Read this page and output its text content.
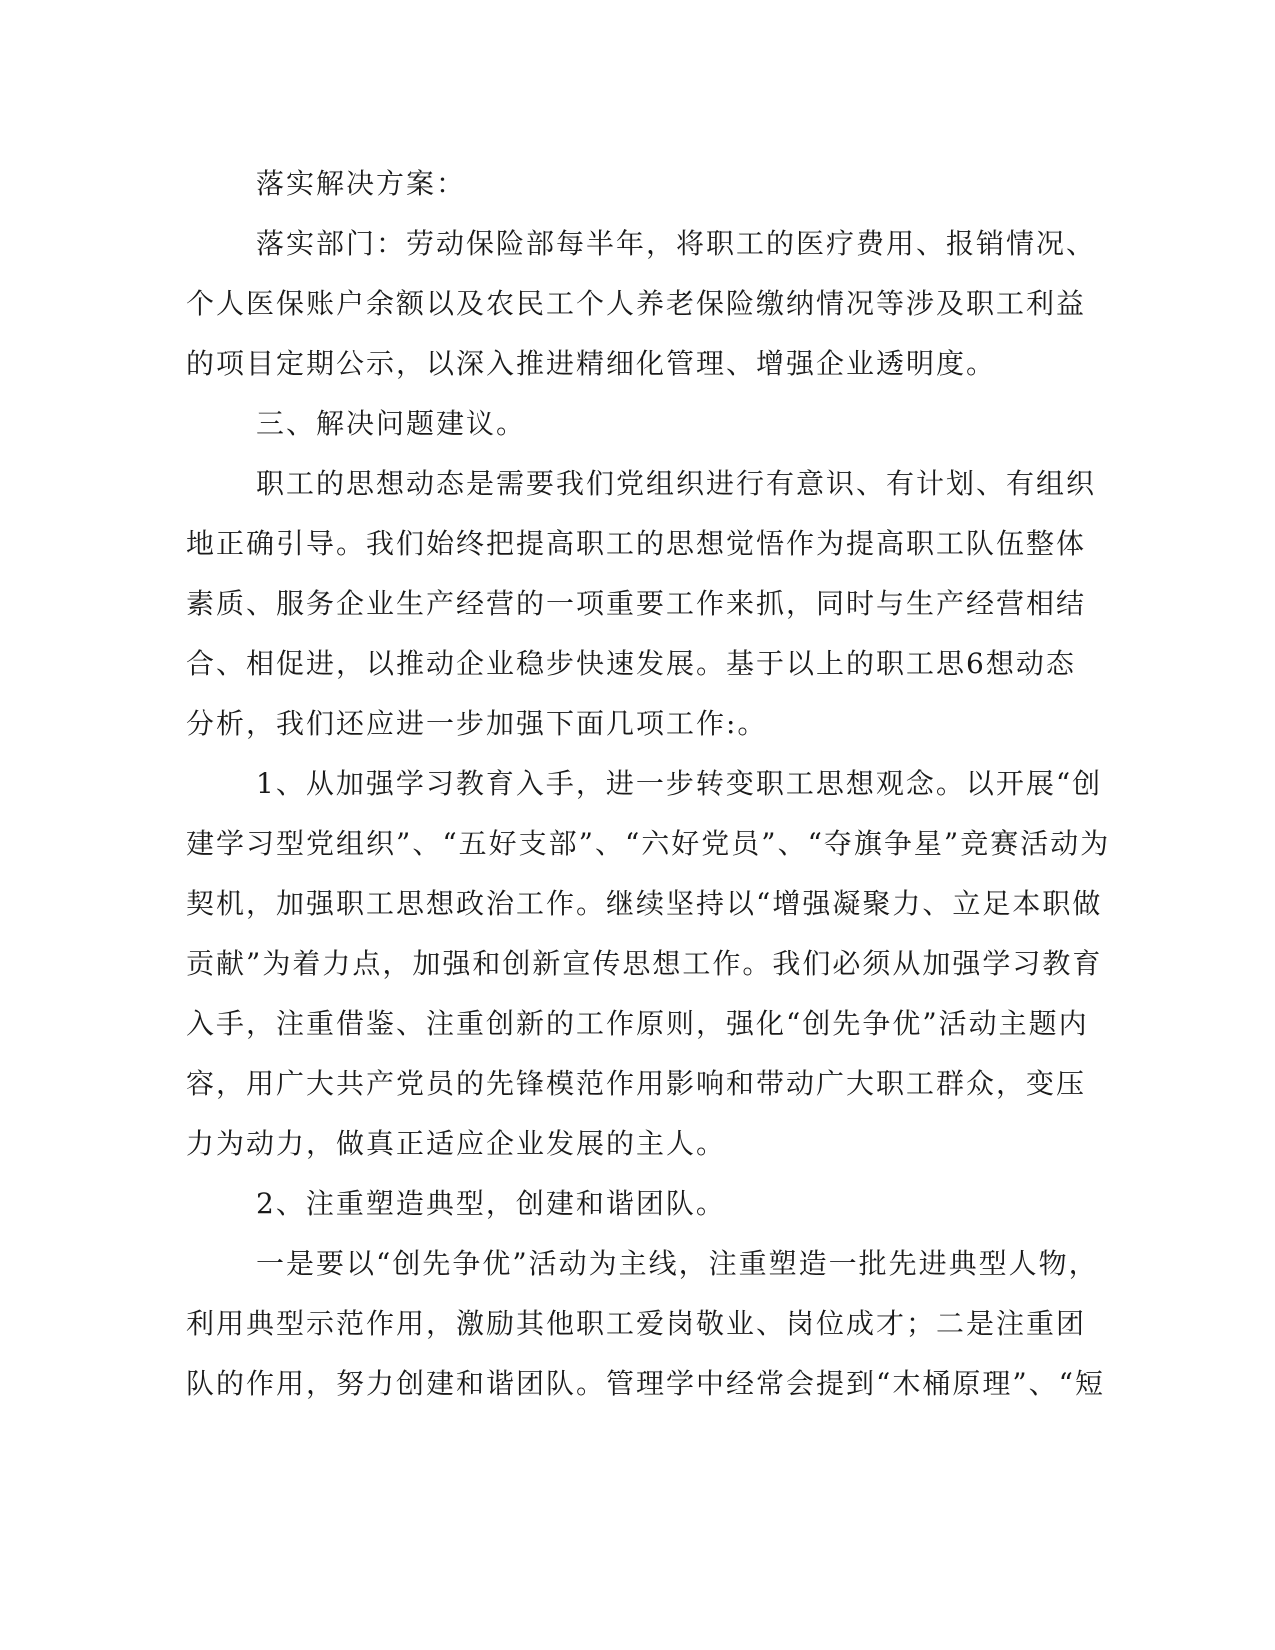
落实解决方案：
落实部门：劳动保险部每半年，将职工的医疗费用、报销情况、
个人医保账户余额以及农民工个人养老保险缴纳情况等涉及职工利益
的项目定期公示，以深入推进精细化管理、增强企业透明度。
三、解决问题建议。
职工的思想动态是需要我们党组织进行有意识、有计划、有组织
地正确引导。我们始终把提高职工的思想觉悟作为提高职工队伍整体
素质、服务企业生产经营的一项重要工作来抓，同时与生产经营相结
合、相促进，以推动企业稳步快速发展。基于以上的职工思6想动态
分析，我们还应进一步加强下面几项工作:。
1、从加强学习教育入手，进一步转变职工思想观念。以开展“创
建学习型党组织”、“五好支部”、“六好党员”、“夺旗争星”竞赛活动为
契机，加强职工思想政治工作。继续坚持以“增强凝聚力、立足本职做
贡献”为着力点，加强和创新宣传思想工作。我们必须从加强学习教育
入手，注重借鉴、注重创新的工作原则，强化“创先争优”活动主题内
容，用广大共产党员的先锋模范作用影响和带动广大职工群众，变压
力为动力，做真正适应企业发展的主人。
2、注重塑造典型，创建和谐团队。
一是要以“创先争优”活动为主线，注重塑造一批先进典型人物，
利用典型示范作用，激励其他职工爱岗敬业、岗位成才；二是注重团
队的作用，努力创建和谐团队。管理学中经常会提到“木桶原理”、“短
